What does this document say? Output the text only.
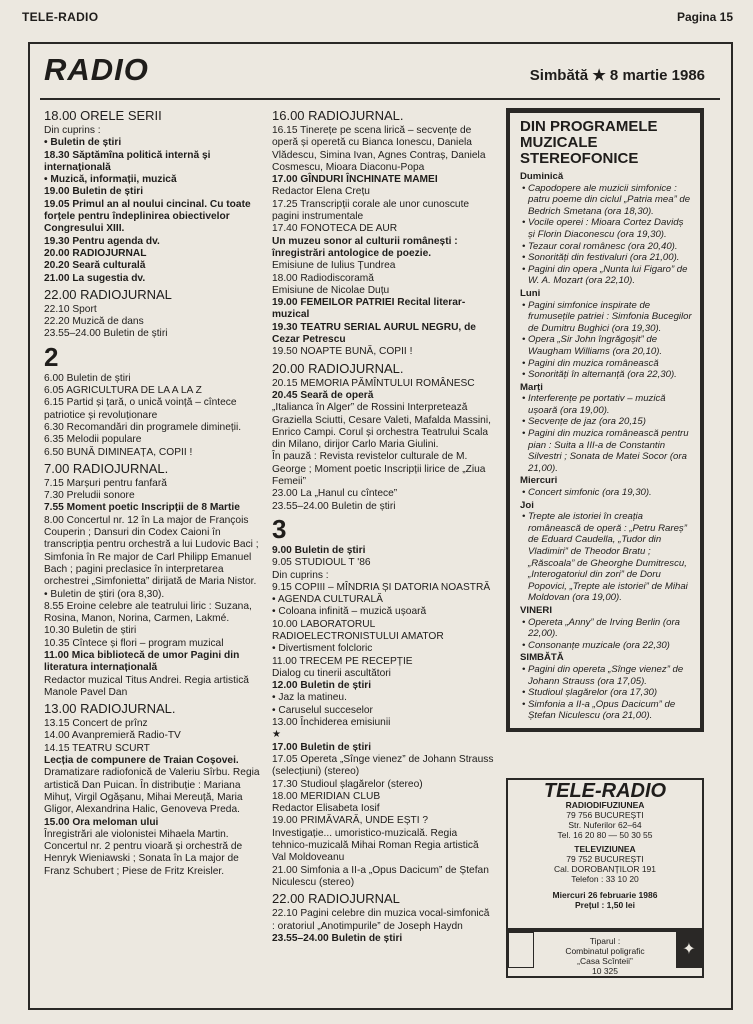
TELE-RADIO	Pagina 15
RADIO	Simbătă ★ 8 martie 1986
18.00 ORELE SERII
Din cuprins :
• Buletin de știri
18.30 Săptămîna politică internă și internațională
• Muzică, informații, muzică
19.00 Buletin de știri
19.05 Primul an al noului cincinal. Cu toate forțele pentru îndeplinirea obiectivelor Congresului XIII.
19.30 Pentru agenda dv.
20.00 RADIOJURNAL
20.20 Seară culturală
21.00 La sugestia dv.
22.00 RADIOJURNAL
22.10 Sport
22.20 Muzică de dans
23.55–24.00 Buletin de știri
2
6.00 Buletin de știri
6.05 AGRICULTURA DE LA A LA Z
6.15 Partid și țară, o unică voință – cîntece patriotice și revoluționare
6.30 Recomandări din programele dimineții.
6.35 Melodii populare
6.50 BUNĂ DIMINEAȚA, COPII !
7.00 RADIOJURNAL.
7.15 Marșuri pentru fanfară
7.30 Preludii sonore
7.55 Moment poetic Inscripții de 8 Martie
8.00 Concertul nr. 12 în La major de François Couperin ; Dansuri din Codex Caioni în transcripția pentru orchestră a lui Ludovic Baci ; Simfonia în Re major de Carl Philipp Emanuel Bach ; pagini preclasice în interpretarea orchestrei „Simfonietta” dirijată de Maria Nistor.
• Buletin de știri (ora 8,30).
8.55 Eroine celebre ale teatrului liric : Suzana, Rosina, Manon, Norina, Carmen, Lakmé.
10.30 Buletin de știri
10.35 Cîntece și flori – program muzical
11.00 Mica bibliotecă de umor Pagini din literatura internațională
Redactor muzical Titus Andrei. Regia artistică Manole Pavel Dan
13.00 RADIOJURNAL.
13.15 Concert de prînz
14.00 Avanpremieră Radio-TV
14.15 TEATRU SCURT
Lecția de compunere de Traian Coșovei.
Dramatizare radiofonică de Valeriu Sîrbu. Regia artistică Dan Puican. În distribuție : Mariana Mihuț, Virgil Ogășanu, Mihai Mereuță, Maria Gligor, Alexandrina Halic, Genoveva Preda.
15.00 Ora meloman ului
Înregistrări ale violonistei Mihaela Martin. Concertul nr. 2 pentru vioară și orchestră de Henryk Wieniawski ; Sonata în La major de Franz Schubert ; Piese de Fritz Kreisler.
16.00 RADIOJURNAL.
16.15 Tinerețe pe scena lirică – secvențe de operă și operetă cu Bianca Ionescu, Daniela Vlădescu, Simina Ivan, Agnes Contraș, Daniela Cosmescu, Mioara Diaconu-Popa
17.00 GÎNDURI ÎNCHINATE MAMEI
Redactor Elena Crețu
17.25 Transcripții corale ale unor cunoscute pagini instrumentale
17.40 FONOTECA DE AUR
Un muzeu sonor al culturii românești : înregistrări antologice de poezie.
Emisiune de Iulius Țundrea
18.00 Radiodiscoramă
Emisiune de Nicolae Duțu
19.00 FEMEILOR PATRIEI Recital literar-muzical
19.30 TEATRU SERIAL AURUL NEGRU, de Cezar Petrescu
19.50 NOAPTE BUNĂ, COPII !
20.00 RADIOJURNAL.
20.15 MEMORIA PĂMÎNTULUI ROMÂNESC
20.45 Seară de operă
„Italianca în Alger” de Rossini Interpretează Graziella Sciutti, Cesare Valeti, Mafalda Massini, Enrico Campi. Corul și orchestra Teatrului Scala din Milano, dirijor Carlo Maria Giulini.
În pauză : Revista revistelor culturale de M. George ; Moment poetic Inscripții lirice de „Ziua Femeii”
23.00 La „Hanul cu cîntece”
23.55–24.00 Buletin de știri
3
9.00 Buletin de știri
9.05 STUDIOUL T '86
Din cuprins :
9.15 COPIII – MÎNDRIA ȘI DATORIA NOASTRĂ
• AGENDA CULTURALĂ
• Coloana infinită – muzică ușoară
10.00 LABORATORUL RADIOELECTRONISTULUI AMATOR
• Divertisment folcloric
11.00 TRECEM PE RECEPȚIE
Dialog cu tinerii ascultători
12.00 Buletin de știri
• Jaz la matineu.
• Caruselul succeselor
13.00 Închiderea emisiunii
★
17.00 Buletin de știri
17.05 Opereta „Sînge vienez” de Johann Strauss (selecțiuni) (stereo)
17.30 Studioul șlagărelor (stereo)
18.00 MERIDIAN CLUB
Redactor Elisabeta Iosif
19.00 PRIMĂVARĂ, UNDE EȘTI ?
Investigație... umoristico-muzicală. Regia tehnico-muzicală Mihai Roman Regia artistică Val Moldoveanu
21.00 Simfonia a II-a „Opus Dacicum” de Ștefan Niculescu (stereo)
22.00 RADIOJURNAL
22.10 Pagini celebre din muzica vocal-simfonică : oratoriul „Anotimpurile” de Joseph Haydn
23.55–24.00 Buletin de știri
DIN PROGRAMELE MUZICALE STEREOFONICE
Duminică
• Capodopere ale muzicii simfonice : patru poeme din ciclul „Patria mea” de Bedrich Smetana (ora 18,30).
• Vocile operei : Mioara Cortez Davidș și Florin Diaconescu (ora 19,30).
• Tezaur coral românesc (ora 20,40).
• Sonorități din festivaluri (ora 21,00).
• Pagini din opera „Nunta lui Figaro” de W. A. Mozart (ora 22,10).
Luni
• Pagini simfonice inspirate de frumusețile patriei : Simfonia Bucegilor de Dumitru Bughici (ora 19,30).
• Opera „Sir John îngrăgoșit” de Waugham Williams (ora 20,10).
• Pagini din muzica românească
• Sonorități în alternanță (ora 22,30).
Marți
• Interferențe pe portativ – muzică ușoară (ora 19,00).
• Secvențe de jaz (ora 20,15)
• Pagini din muzica românească pentru pian : Suita a III-a de Constantin Silvestri ; Sonata de Matei Socor (ora 21,00).
Miercuri
• Concert simfonic (ora 19,30).
Joi
• Trepte ale istoriei în creația românească de operă : „Petru Rareș” de Eduard Caudella, „Tudor din Vladimiri” de Theodor Bratu ; „Răscoala” de Gheorghe Dumitrescu, „Interogatoriul din zori” de Doru Popovici, „Trepte ale istoriei” de Mihai Moldovan (ora 19,00).
VINERI
• Opereta „Anny” de Irving Berlin (ora 22,00).
• Consonanțe muzicale (ora 22,30)
SIMBĂTĂ
• Pagini din opereta „Sînge vienez” de Johann Strauss (ora 17,05).
• Studioul șlagărelor (ora 17,30)
• Simfonia a II-a „Opus Dacicum” de Ștefan Niculescu (ora 21,00).
TELE-RADIO
RADIODIFUZIUNEA
79 756 BUCUREȘTI
Str. Nuferilor 62–64
Tel. 16 20 80 — 50 30 55
TELEVIZIUNEA
79 752 BUCUREȘTI
Cal. DOROBANȚILOR 191
Telefon : 33 10 20
Miercuri 26 februarie 1986
Prețul : 1,50 lei
Tiparul :
Combinatul poligrafic
„Casa Scînteii”
10 325
✦
